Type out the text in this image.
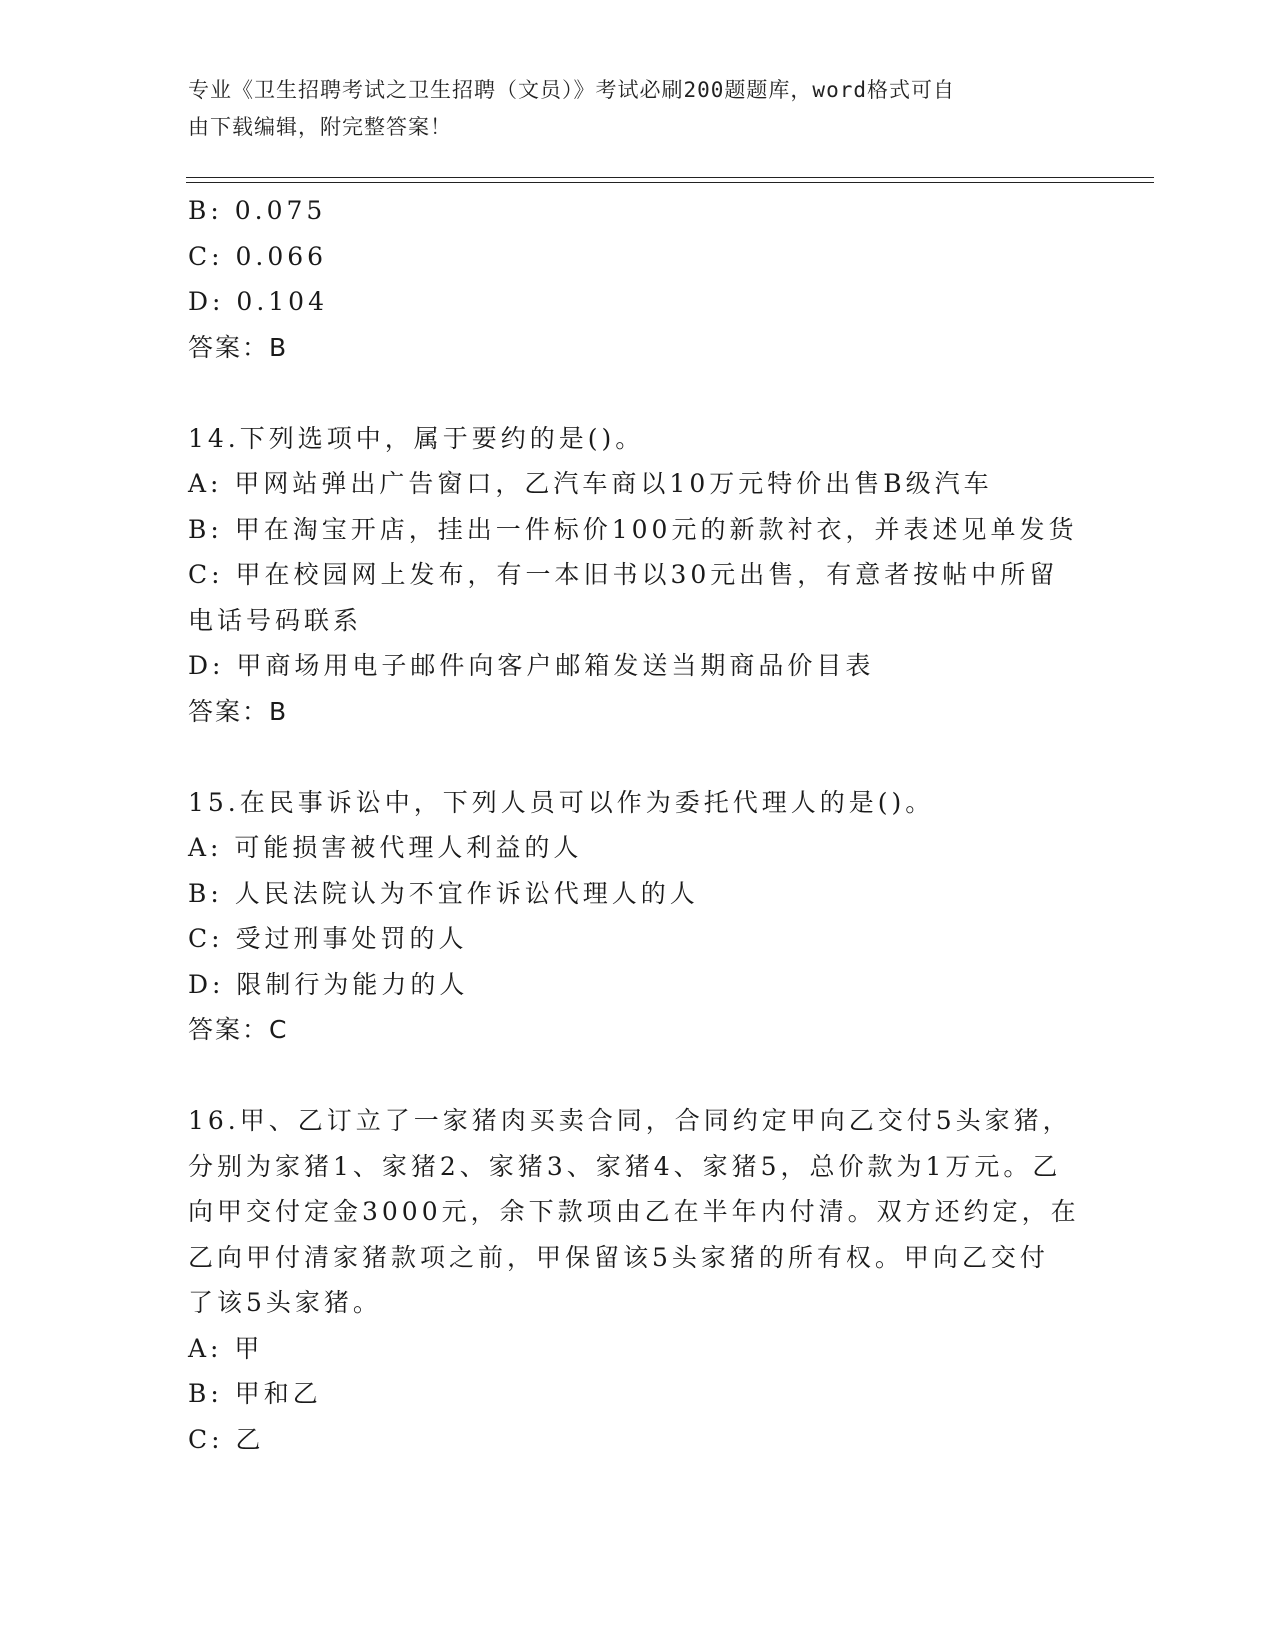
专业《卫生招聘考试之卫生招聘（文员）》考试必刷200题题库，word格式可自
由下载编辑，附完整答案！
B: 0.075
C: 0.066
D: 0.104
答案：B
14.下列选项中，属于要约的是()。
A: 甲网站弹出广告窗口，乙汽车商以10万元特价出售B级汽车
B: 甲在淘宝开店，挂出一件标价100元的新款衬衣，并表述见单发货
C: 甲在校园网上发布，有一本旧书以30元出售，有意者按帖中所留
电话号码联系
D: 甲商场用电子邮件向客户邮箱发送当期商品价目表
答案：B
15.在民事诉讼中，下列人员可以作为委托代理人的是()。
A: 可能损害被代理人利益的人
B: 人民法院认为不宜作诉讼代理人的人
C: 受过刑事处罚的人
D: 限制行为能力的人
答案：C
16.甲、乙订立了一家猪肉买卖合同，合同约定甲向乙交付5头家猪，
分别为家猪1、家猪2、家猪3、家猪4、家猪5，总价款为1万元。乙
向甲交付定金3000元，余下款项由乙在半年内付清。双方还约定，在
乙向甲付清家猪款项之前，甲保留该5头家猪的所有权。甲向乙交付
了该5头家猪。
A: 甲
B: 甲和乙
C: 乙
